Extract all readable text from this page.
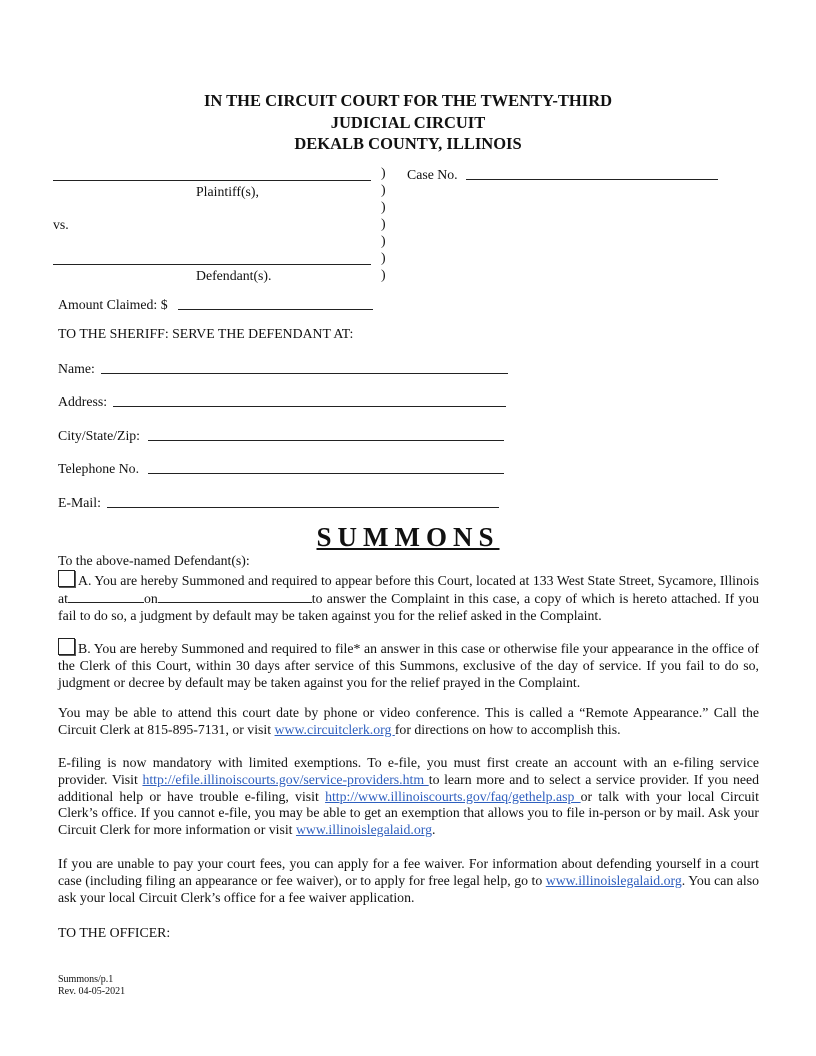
IN THE CIRCUIT COURT FOR THE TWENTY-THIRD
JUDICIAL CIRCUIT
DEKALB COUNTY, ILLINOIS
Plaintiff(s),
vs.
Defendant(s).
)
)
)
)
)
)
)
Case No.
Amount Claimed: $
TO THE SHERIFF: SERVE THE DEFENDANT AT:
Name:
Address:
City/State/Zip:
Telephone No.
E-Mail:
SUMMONS
To the above-named Defendant(s):
A. You are hereby Summoned and required to appear before this Court, located at 133 West State Street, Sycamore, Illinois at	on	to answer the Complaint in this case, a copy of which is hereto attached. If you fail to do so, a judgment by default may be taken against you for the relief asked in the Complaint.
B. You are hereby Summoned and required to file* an answer in this case or otherwise file your appearance in the office of the Clerk of this Court, within 30 days after service of this Summons, exclusive of the day of service. If you fail to do so, judgment or decree by default may be taken against you for the relief prayed in the Complaint.
You may be able to attend this court date by phone or video conference. This is called a “Remote Appearance.” Call the Circuit Clerk at 815-895-7131, or visit www.circuitclerk.org for directions on how to accomplish this.
E-filing is now mandatory with limited exemptions. To e-file, you must first create an account with an e-filing service provider. Visit http://efile.illinoiscourts.gov/service-providers.htm to learn more and to select a service provider. If you need additional help or have trouble e-filing, visit http://www.illinoiscourts.gov/faq/gethelp.asp or talk with your local Circuit Clerk’s office. If you cannot e-file, you may be able to get an exemption that allows you to file in-person or by mail. Ask your Circuit Clerk for more information or visit www.illinoislegalaid.org.
If you are unable to pay your court fees, you can apply for a fee waiver. For information about defending yourself in a court case (including filing an appearance or fee waiver), or to apply for free legal help, go to www.illinoislegalaid.org. You can also ask your local Circuit Clerk’s office for a fee waiver application.
TO THE OFFICER:
Summons/p.1
Rev. 04-05-2021
